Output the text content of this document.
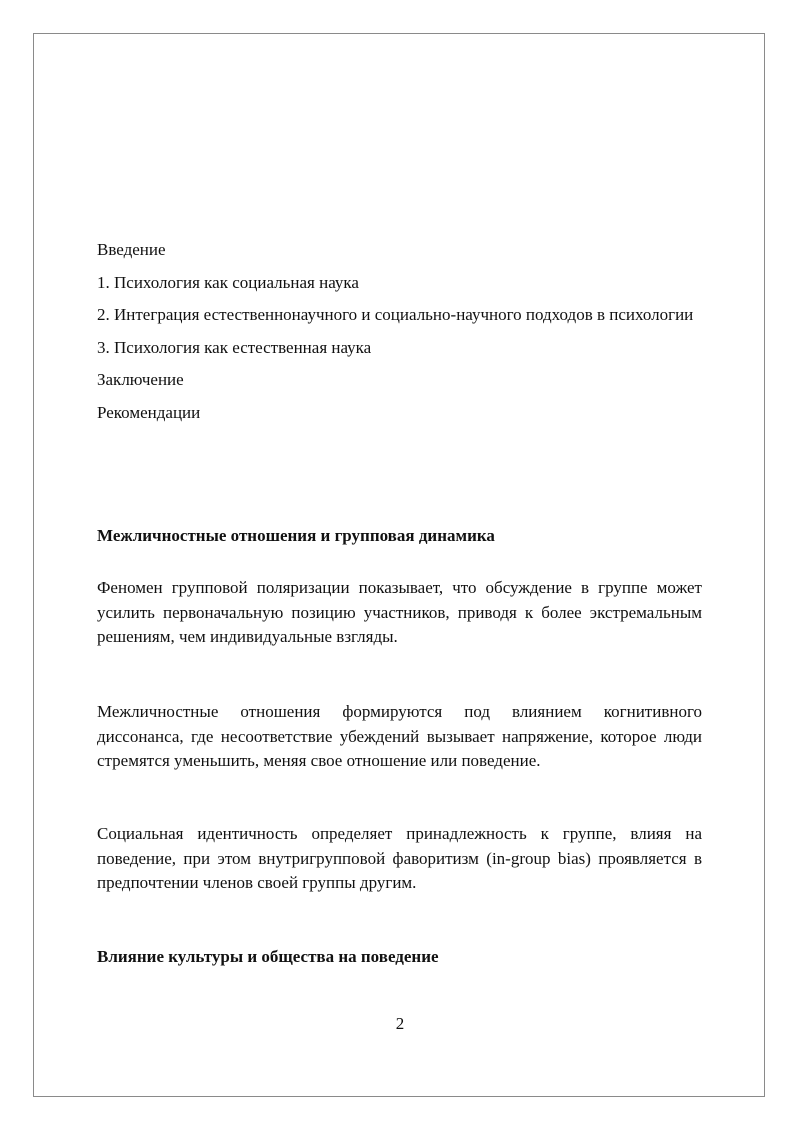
Введение
1. Психология как социальная наука
2. Интеграция естественнонаучного и социально-научного подходов в психологии
3. Психология как естественная наука
Заключение
Рекомендации
Межличностные отношения и групповая динамика
Феномен групповой поляризации показывает, что обсуждение в группе может усилить первоначальную позицию участников, приводя к более экстремальным решениям, чем индивидуальные взгляды.
Межличностные отношения формируются под влиянием когнитивного диссонанса, где несоответствие убеждений вызывает напряжение, которое люди стремятся уменьшить, меняя свое отношение или поведение.
Социальная идентичность определяет принадлежность к группе, влияя на поведение, при этом внутригрупповой фаворитизм (in-group bias) проявляется в предпочтении членов своей группы другим.
Влияние культуры и общества на поведение
2
